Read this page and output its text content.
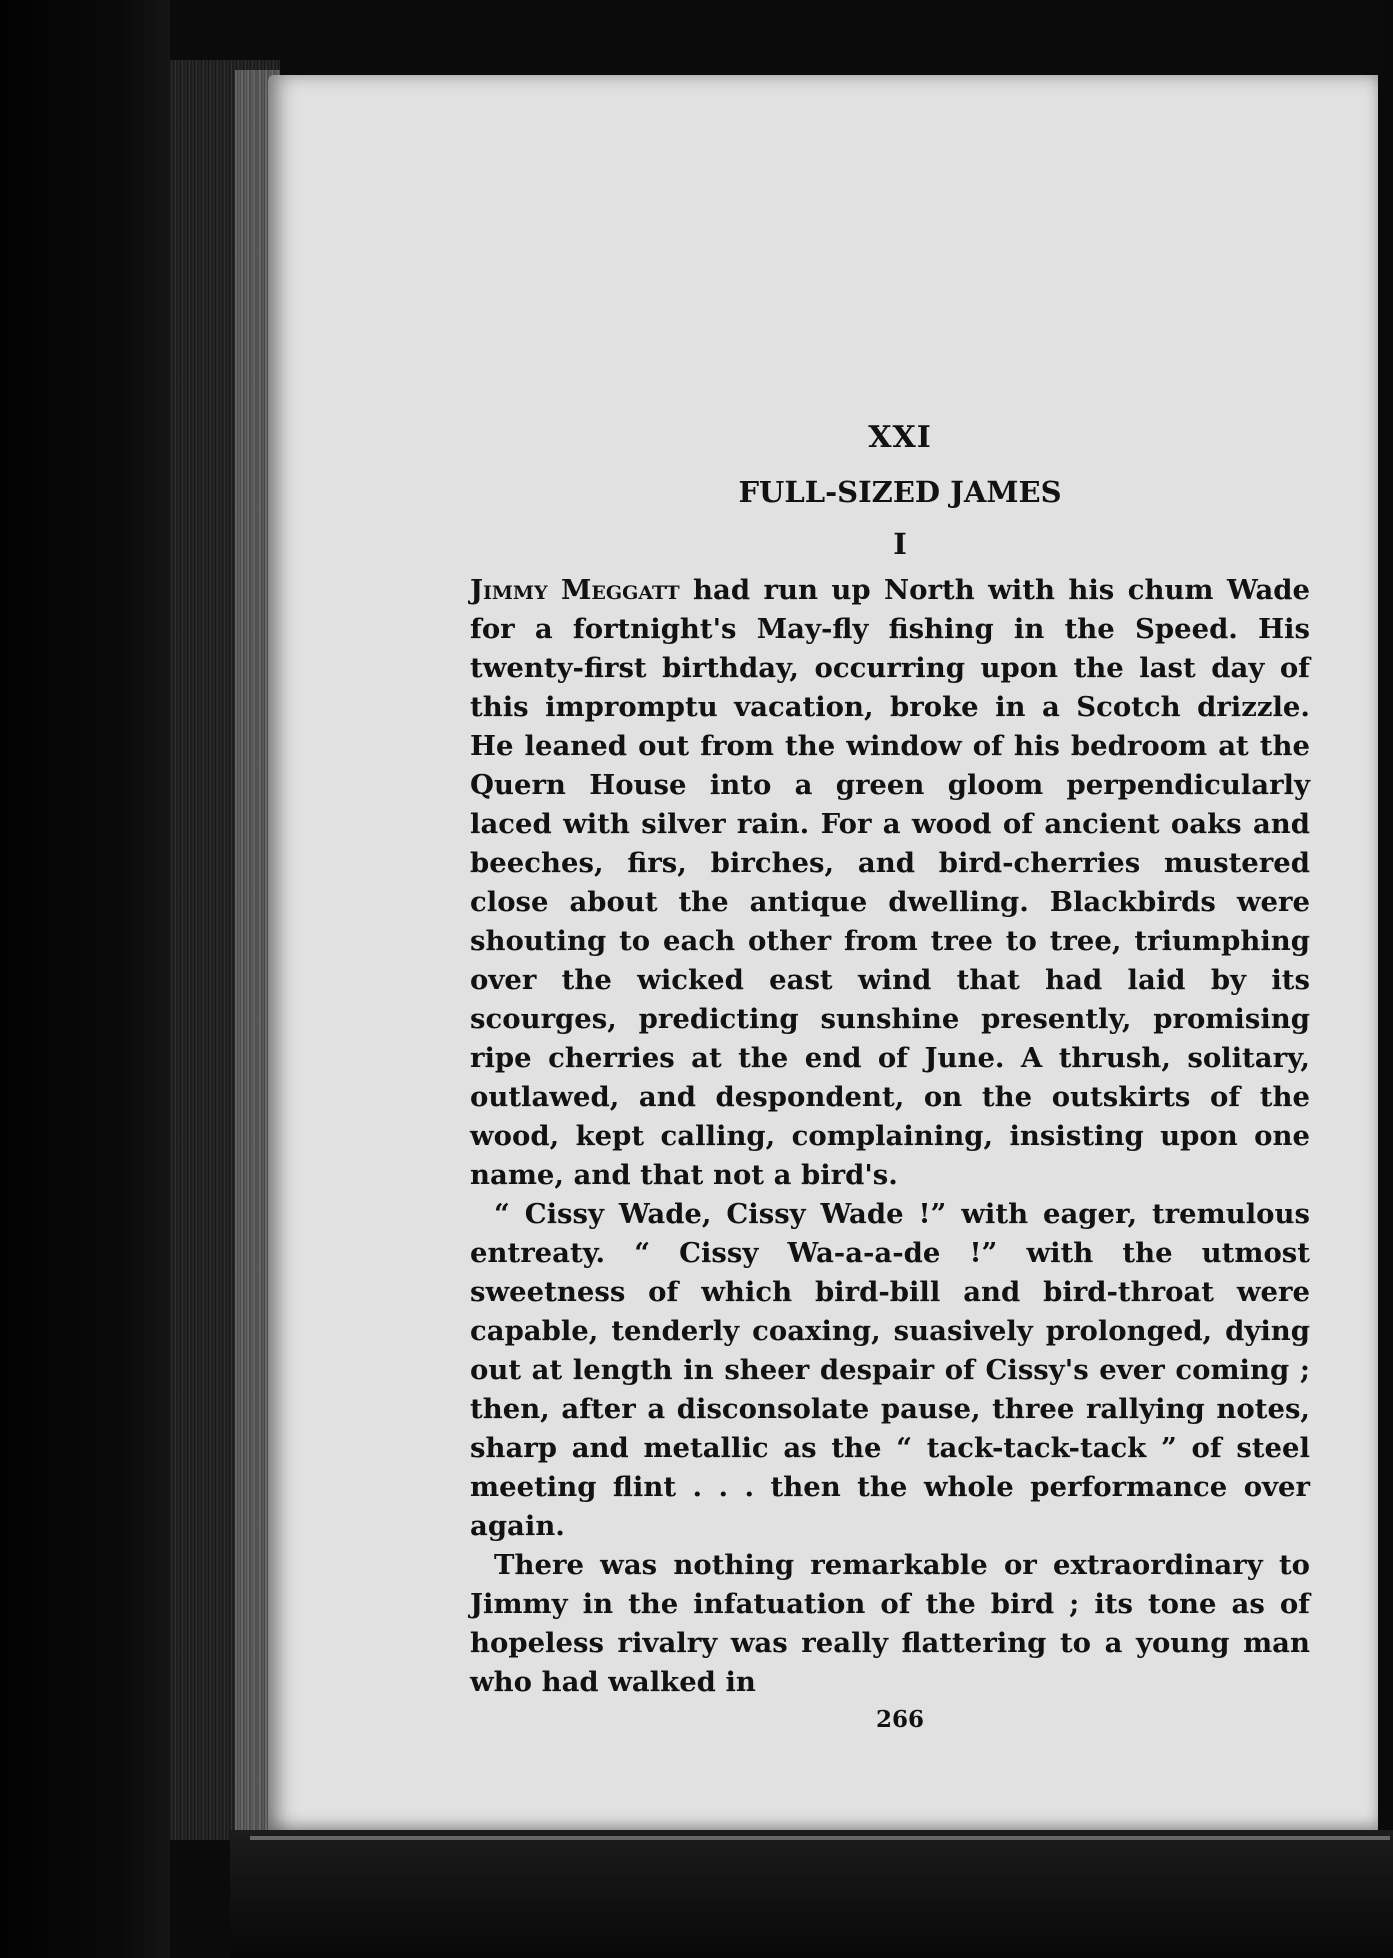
XXI
FULL-SIZED JAMES
I

Jimmy Meggatt had run up North with his chum Wade for a fortnight's May-fly fishing in the Speed. His twenty-first birthday, occurring upon the last day of this impromptu vacation, broke in a Scotch drizzle. He leaned out from the window of his bedroom at the Quern House into a green gloom perpendicularly laced with silver rain. For a wood of ancient oaks and beeches, firs, birches, and bird-cherries mustered close about the antique dwelling. Blackbirds were shouting to each other from tree to tree, triumphing over the wicked east wind that had laid by its scourges, predicting sunshine presently, promising ripe cherries at the end of June. A thrush, solitary, outlawed, and despondent, on the outskirts of the wood, kept calling, complaining, insisting upon one name, and that not a bird's.

“ Cissy Wade, Cissy Wade !” with eager, tremulous entreaty. “ Cissy Wa-a-a-de !” with the utmost sweetness of which bird-bill and bird-throat were capable, tenderly coaxing, suasively prolonged, dying out at length in sheer despair of Cissy's ever coming ; then, after a disconsolate pause, three rallying notes, sharp and metallic as the “ tack-tack-tack ” of steel meeting flint . . . then the whole performance over again.

There was nothing remarkable or extraordinary to Jimmy in the infatuation of the bird ; its tone as of hopeless rivalry was really flattering to a young man who had walked in

266
